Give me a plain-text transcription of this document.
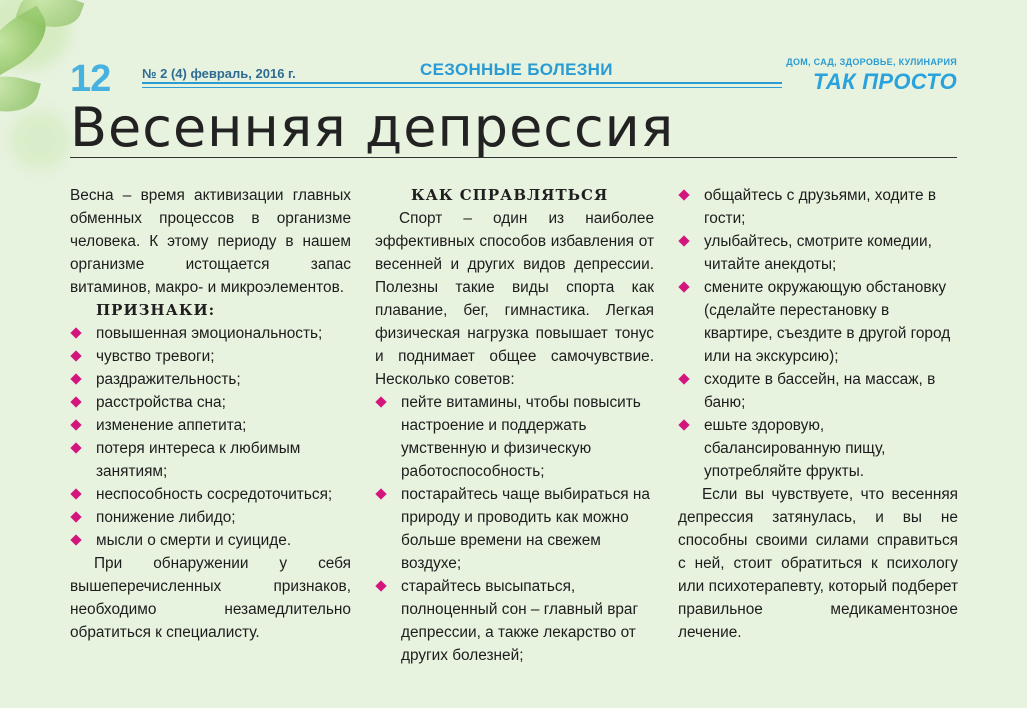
12 № 2 (4) февраль, 2016 г.	СЕЗОННЫЕ БОЛЕЗНИ	ДОМ, САД, ЗДОРОВЬЕ, КУЛИНАРИЯ
ТАК ПРОСТО
Весенняя депрессия

Весна – время активизации главных обменных процессов в организме человека. К этому периоду в нашем организме истощается запас витаминов, макро- и микроэлементов.

ПРИЗНАКИ:
повышенная эмоциональность;
чувство тревоги;
раздражительность;
расстройства сна;
изменение аппетита;
потеря интереса к любимым занятиям;
неспособность сосредоточиться;
понижение либидо;
мысли о смерти и суициде.

При обнаружении у себя вышеперечисленных признаков, необходимо незамедлительно обратиться к специалисту.

КАК СПРАВЛЯТЬСЯ

Спорт – один из наиболее эффективных способов избавления от весенней и других видов депрессии. Полезны такие виды спорта как плавание, бег, гимнастика. Легкая физическая нагрузка повышает тонус и поднимает общее самочувствие. Несколько советов:

пейте витамины, чтобы повысить настроение и поддержать умственную и физическую работоспособность;
постарайтесь чаще выбираться на природу и проводить как можно больше времени на свежем воздухе;
старайтесь высыпаться, полноценный сон – главный враг депрессии, а также лекарство от других болезней;
общайтесь с друзьями, ходите в гости;
улыбайтесь, смотрите комедии, читайте анекдоты;
смените окружающую обстановку (сделайте перестановку в квартире, съездите в другой город или на экскурсию);
сходите в бассейн, на массаж, в баню;
ешьте здоровую, сбалансированную пищу, употребляйте фрукты.

Если вы чувствуете, что весенняя депрессия затянулась, и вы не способны своими силами справиться с ней, стоит обратиться к психологу или психотерапевту, который подберет правильное медикаментозное лечение.
